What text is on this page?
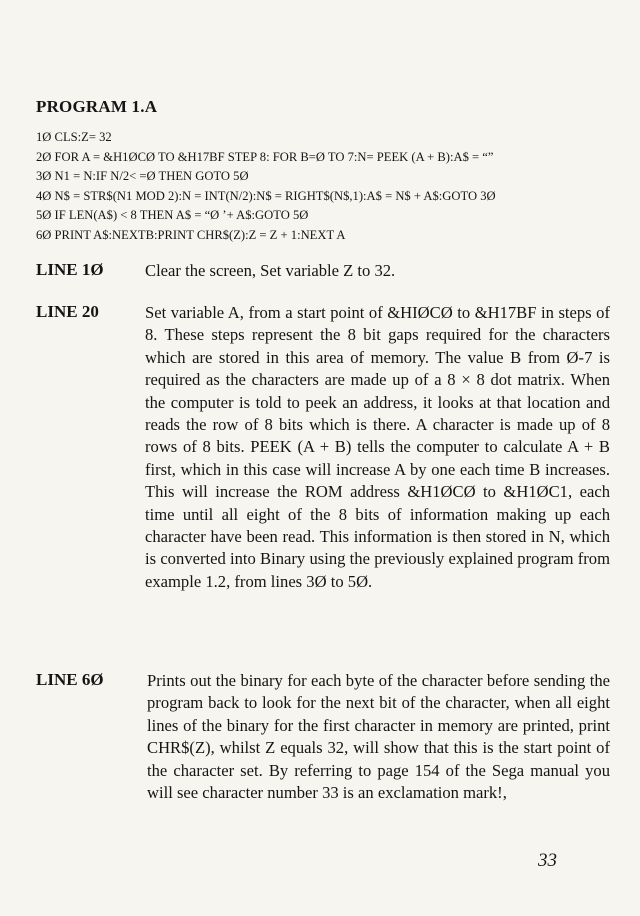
PROGRAM 1.A
1Ø CLS:Z= 32
2Ø FOR A = &H1ØCØ TO &H17BF STEP 8: FOR B=Ø TO 7:N= PEEK (A + B):A$ = “”
3Ø N1 = N:IF N/2< =Ø THEN GOTO 5Ø
4Ø N$ = STR$(N1 MOD 2):N = INT(N/2):N$ = RIGHT$(N$,1):A$ = N$ + A$:GOTO 3Ø
5Ø IF LEN(A$) < 8 THEN A$ = “Ø ’+ A$:GOTO 5Ø
6Ø PRINT A$:NEXTB:PRINT CHR$(Z):Z = Z + 1:NEXT A
LINE 1Ø Clear the screen, Set variable Z to 32.
LINE 20	Set variable A, from a start point of &HIØCØ to &H17BF in steps of 8. These steps represent the 8 bit gaps required for the characters which are stored in this area of memory. The value B from Ø-7 is required as the characters are made up of a 8 × 8 dot matrix. When the computer is told to peek an address, it looks at that location and reads the row of 8 bits which is there. A character is made up of 8 rows of 8 bits. PEEK (A + B) tells the computer to calculate A + B first, which in this case will increase A by one each time B increases. This will increase the ROM address &H1ØCØ to &H1ØC1, each time until all eight of the 8 bits of information making up each character have been read. This information is then stored in N, which is converted into Binary using the previously explained program from example 1.2, from lines 3Ø to 5Ø.
LINE 6Ø	Prints out the binary for each byte of the character before sending the program back to look for the next bit of the character, when all eight lines of the binary for the first character in memory are printed, print CHR$(Z), whilst Z equals 32, will show that this is the start point of the character set. By referring to page 154 of the Sega manual you will see character number 33 is an exclamation mark!,
33
